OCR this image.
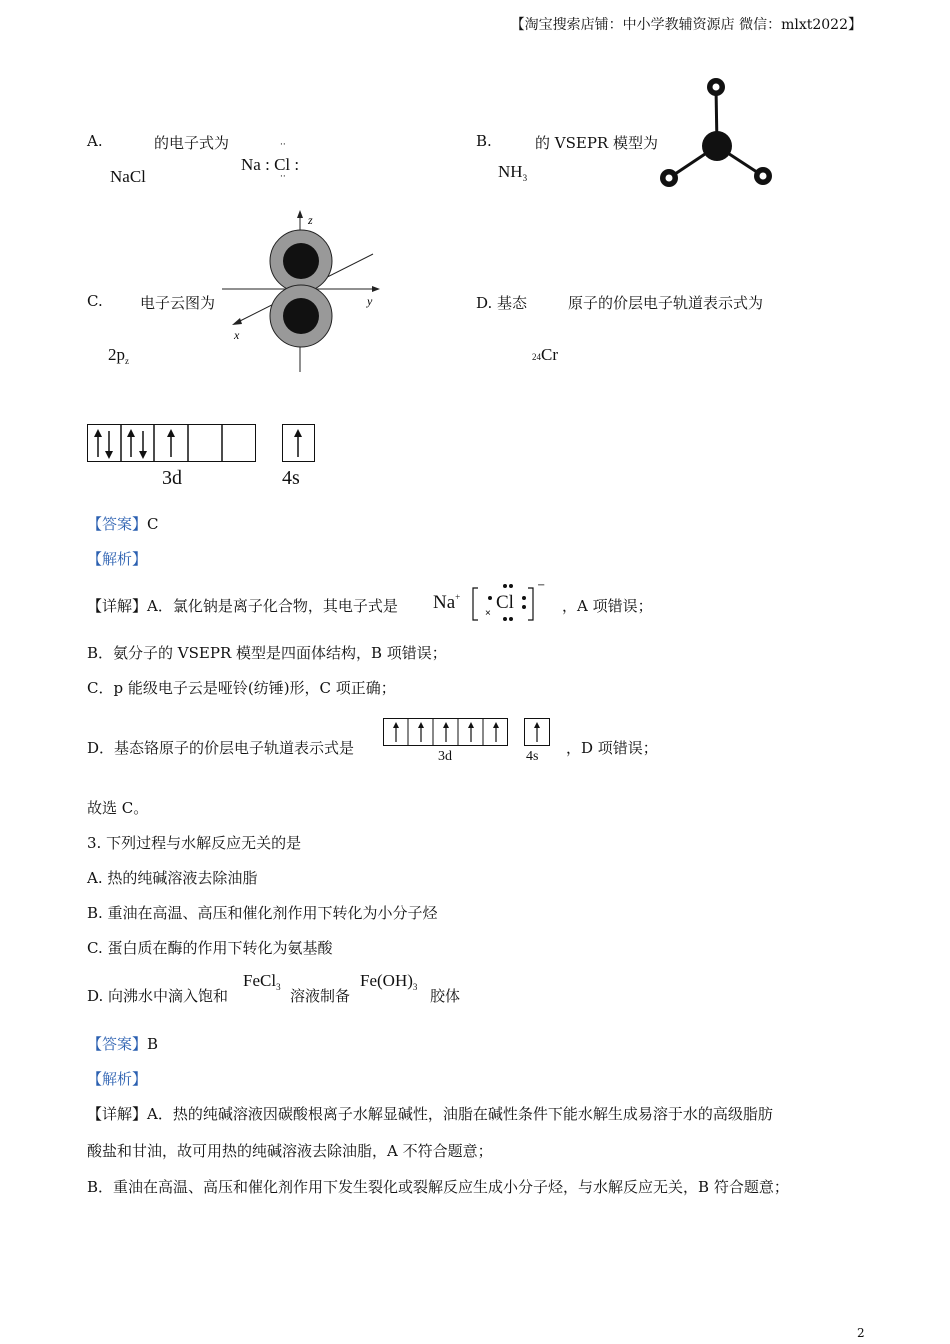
【淘宝搜索店铺：中小学教辅资源店 微信：mlxt2022】
A.	的电子式为
NaCl
Na : Cl :
··
··
B.	的 VSEPR 模型为
$NH_3$
C. 电子云图为
$2p_z$
z
y
x
D. 基态	原子的价层电子轨道表示式为
24Cr
3d	4s
【答案】C
【解析】
【详解】A．氯化钠是离子化合物，其电子式是 Na+
×
Cl
−
，A 项错误；
B．氨分子的 VSEPR 模型是四面体结构，B 项错误；
C．p 能级电子云是哑铃(纺锤)形，C 项正确；
D．基态铬原子的价层电子轨道表示式是	3d	4s ，D 项错误；
故选 C。
3. 下列过程与水解反应无关的是
A. 热的纯碱溶液去除油脂
B. 重油在高温、高压和催化剂作用下转化为小分子烃
C. 蛋白质在酶的作用下转化为氨基酸
D. 向沸水中滴入饱和
FeCl$_3$ 溶液制备
$Fe(OH)_3$ 胶体
【答案】B
【解析】
【详解】A．热的纯碱溶液因碳酸根离子水解显碱性，油脂在碱性条件下能水解生成易溶于水的高级脂肪
酸盐和甘油，故可用热的纯碱溶液去除油脂，A 不符合题意；
B．重油在高温、高压和催化剂作用下发生裂化或裂解反应生成小分子烃，与水解反应无关，B 符合题意；
2
